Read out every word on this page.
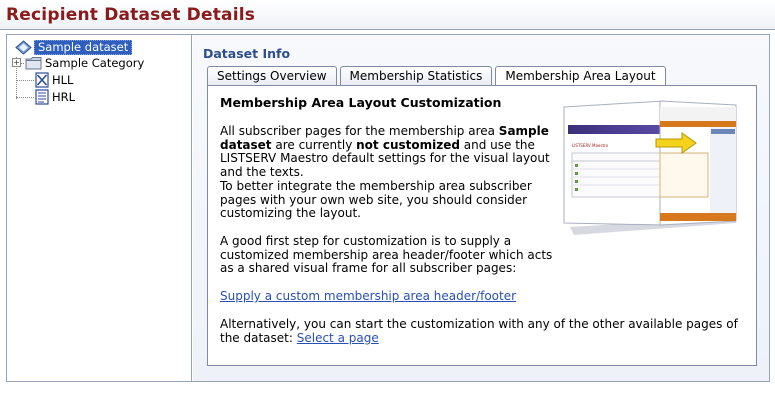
Recipient Dataset Details
Sample dataset
+ Sample Category
HLL
HRL
Dataset Info
Settings Overview	Membership Statistics	Membership Area Layout
Membership Area Layout Customization

All subscriber pages for the membership area Sample dataset are currently not customized and use the LISTSERV Maestro default settings for the visual layout and the texts.

To better integrate the membership area subscriber pages with your own web site, you should consider customizing the layout.

A good first step for customization is to supply a customized membership area header/footer which acts as a shared visual frame for all subscriber pages:

Supply a custom membership area header/footer

Alternatively, you can start the customization with any of the other available pages of the dataset: Select a page

LISTSERV Maestro
